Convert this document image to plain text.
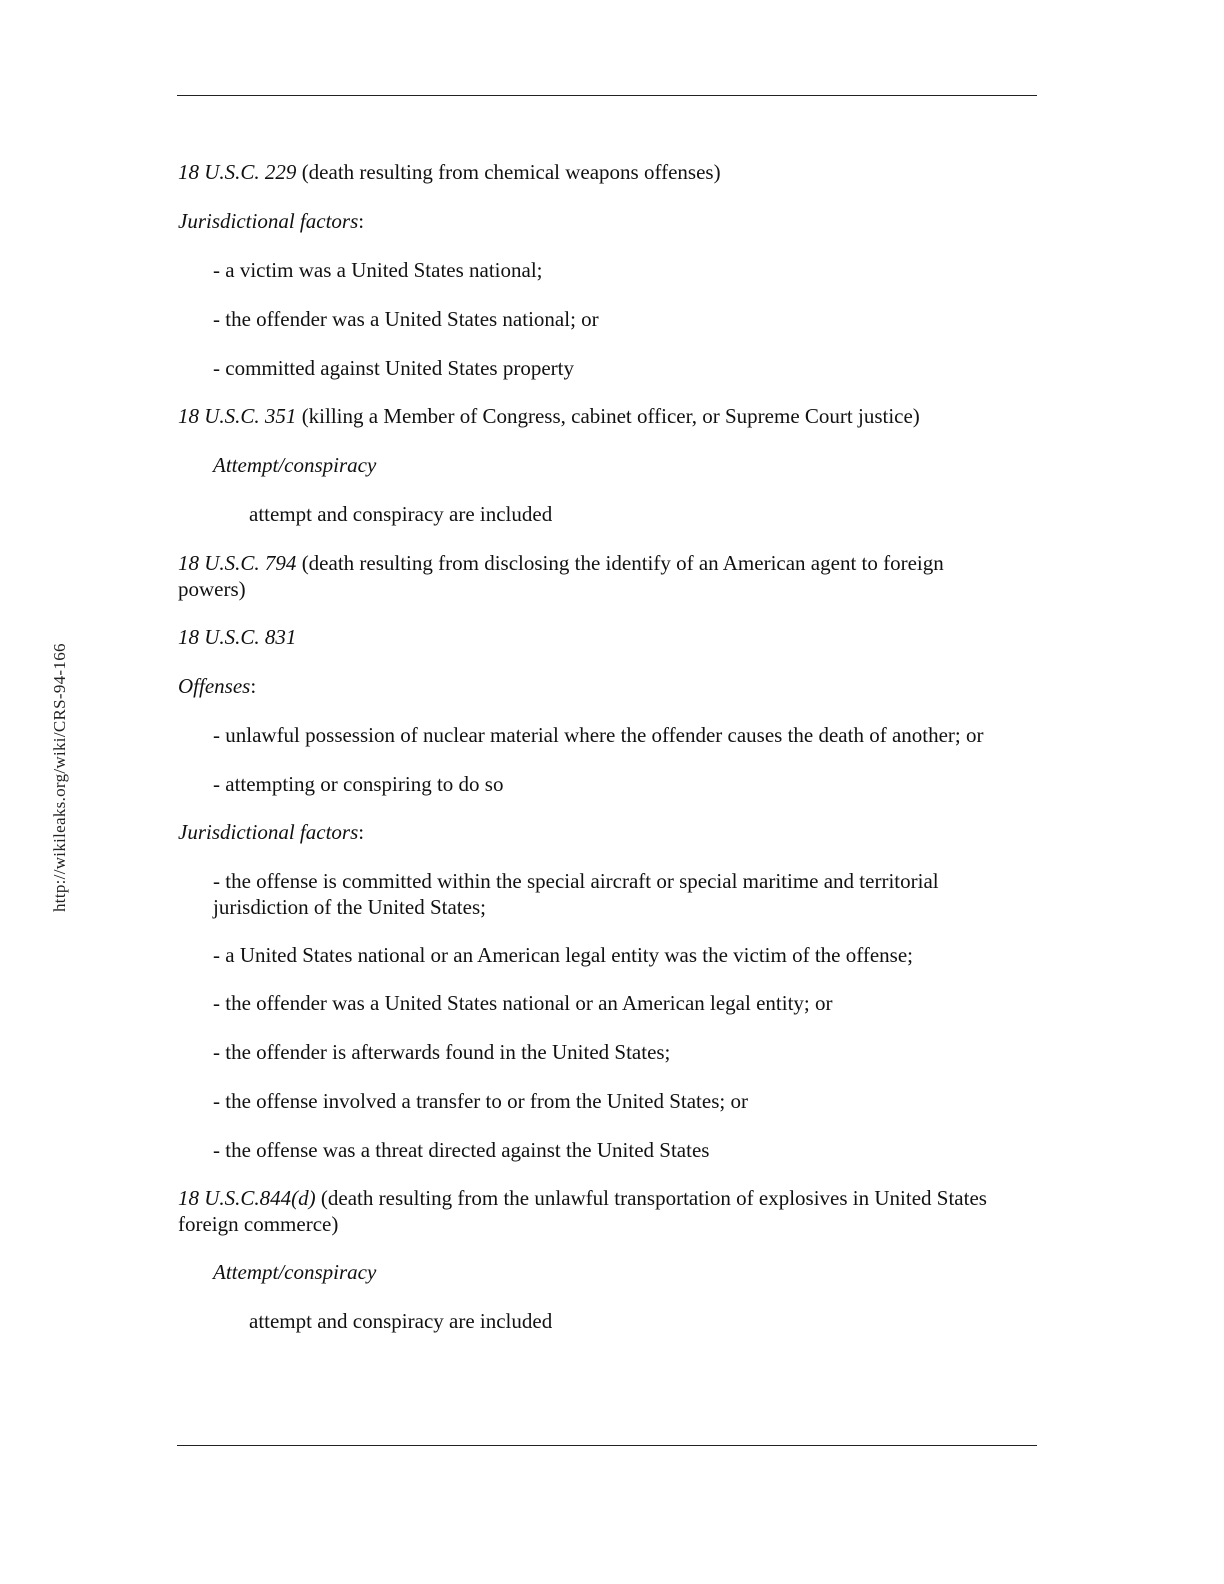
http://wikileaks.org/wiki/CRS-94-166
18 U.S.C. 229 (death resulting from chemical weapons offenses)
Jurisdictional factors:
- a victim was a United States national;
- the offender was a United States national; or
- committed against United States property
18 U.S.C. 351 (killing a Member of Congress, cabinet officer, or Supreme Court justice)
Attempt/conspiracy
attempt and conspiracy are included
18 U.S.C. 794 (death resulting from disclosing the identify of an American agent to foreign
powers)
18 U.S.C. 831
Offenses:
- unlawful possession of nuclear material where the offender causes the death of another; or
- attempting or conspiring to do so
Jurisdictional factors:
- the offense is committed within the special aircraft or special maritime and territorial
jurisdiction of the United States;
- a United States national or an American legal entity was the victim of the offense;
- the offender was a United States national or an American legal entity; or
- the offender is afterwards found in the United States;
- the offense involved a transfer to or from the United States; or
- the offense was a threat directed against the United States
18 U.S.C.844(d) (death resulting from the unlawful transportation of explosives in United States
foreign commerce)
Attempt/conspiracy
attempt and conspiracy are included
